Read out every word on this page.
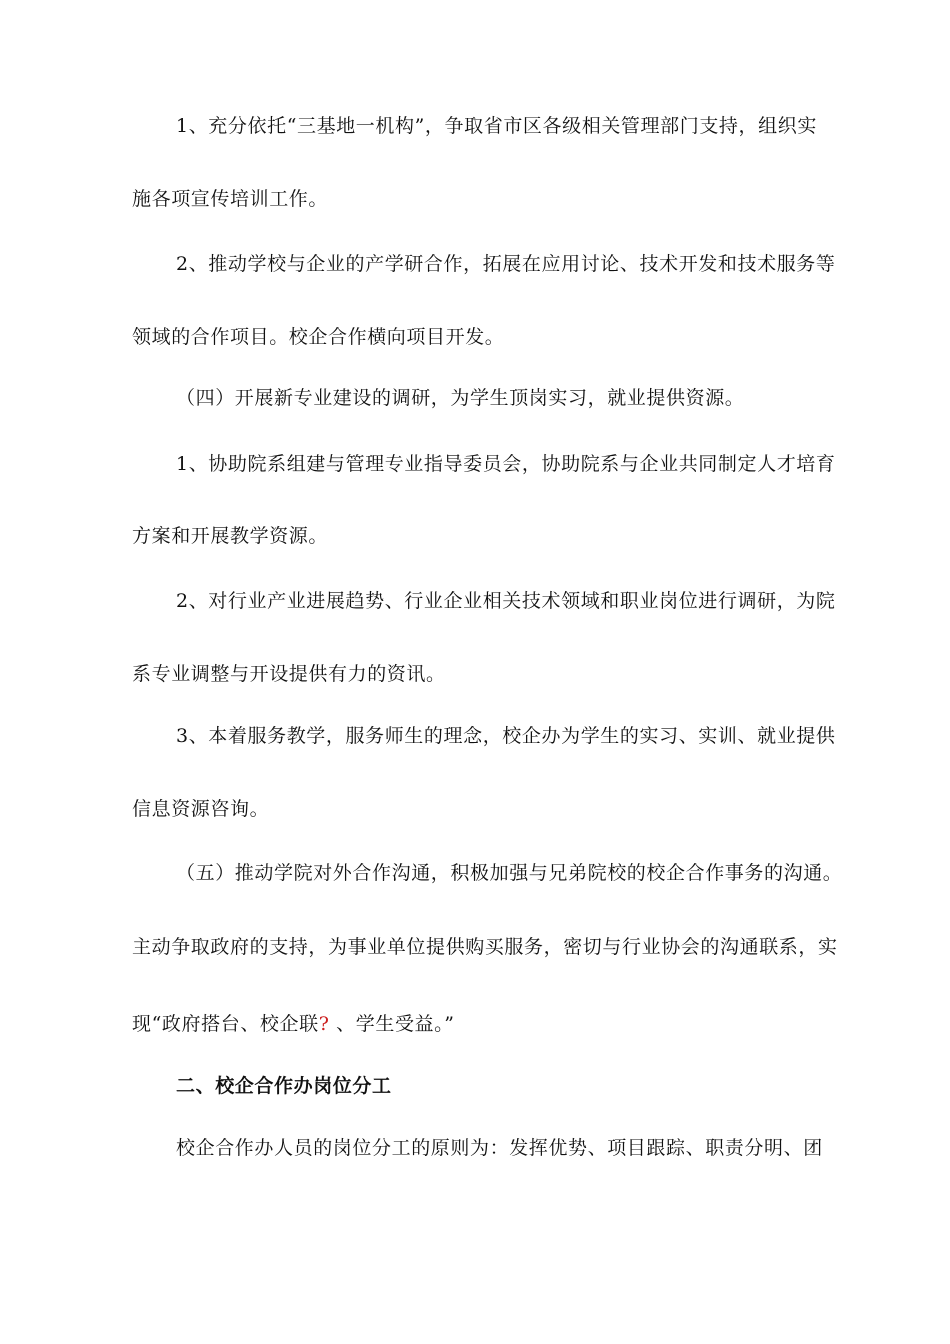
1、充分依托“三基地一机构”，争取省市区各级相关管理部门支持，组织实
施各项宣传培训工作。
2、推动学校与企业的产学研合作，拓展在应用讨论、技术开发和技术服务等
领域的合作项目。校企合作横向项目开发。
（四）开展新专业建设的调研，为学生顶岗实习，就业提供资源。
1、协助院系组建与管理专业指导委员会，协助院系与企业共同制定人才培育
方案和开展教学资源。
2、对行业产业进展趋势、行业企业相关技术领域和职业岗位进行调研，为院
系专业调整与开设提供有力的资讯。
3、本着服务教学，服务师生的理念，校企办为学生的实习、实训、就业提供
信息资源咨询。
（五）推动学院对外合作沟通，积极加强与兄弟院校的校企合作事务的沟通。
主动争取政府的支持，为事业单位提供购买服务，密切与行业协会的沟通联系，实
现“政府搭台、校企联? 、学生受益。”
二、校企合作办岗位分工
校企合作办人员的岗位分工的原则为：发挥优势、项目跟踪、职责分明、团
